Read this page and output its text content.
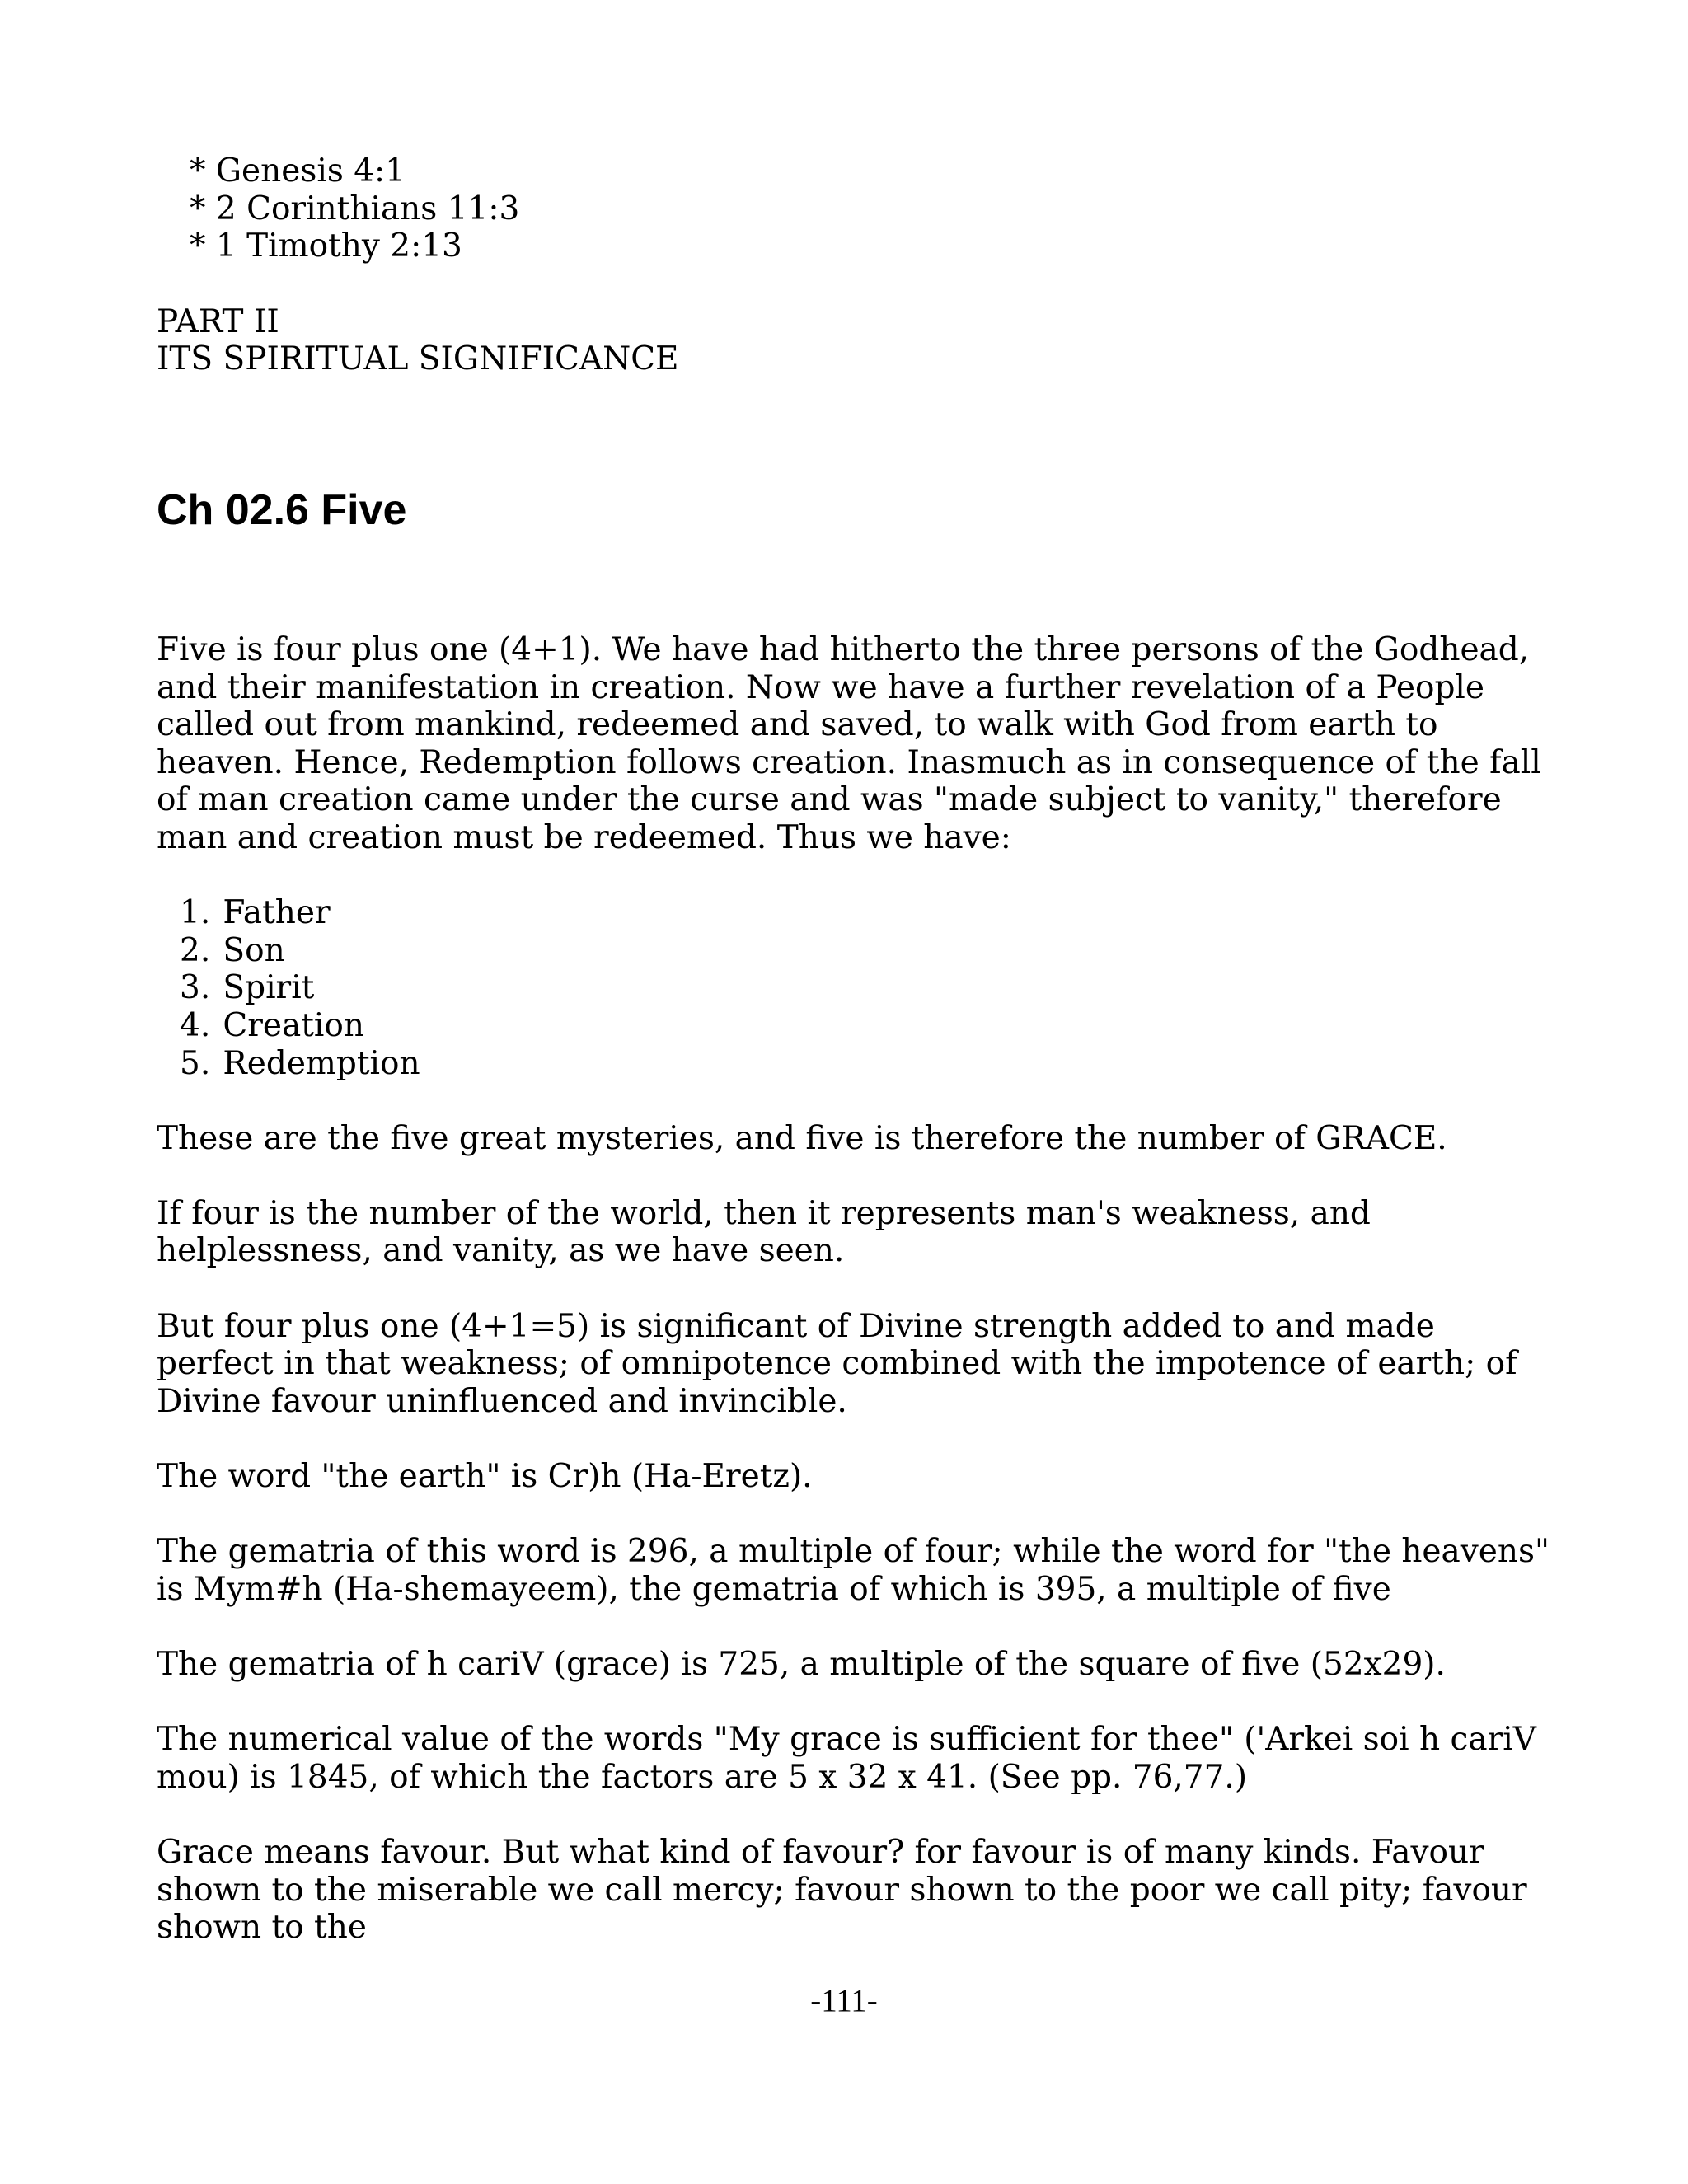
* Genesis 4:1
* 2 Corinthians 11:3
* 1 Timothy 2:13
PART II
ITS SPIRITUAL SIGNIFICANCE
Ch 02.6 Five

Five is four plus one (4+1). We have had hitherto the three persons of the Godhead, and their manifestation in creation. Now we have a further revelation of a People called out from mankind, redeemed and saved, to walk with God from earth to heaven. Hence, Redemption follows creation. Inasmuch as in consequence of the fall of man creation came under the curse and was "made subject to vanity," therefore man and creation must be redeemed. Thus we have:

1. Father
2. Son
3. Spirit
4. Creation
5. Redemption

These are the five great mysteries, and five is therefore the number of GRACE.

If four is the number of the world, then it represents man's weakness, and helplessness, and vanity, as we have seen.

But four plus one (4+1=5) is significant of Divine strength added to and made perfect in that weakness; of omnipotence combined with the impotence of earth; of Divine favour uninfluenced and invincible.

The word "the earth" is Cr)h (Ha-Eretz).

The gematria of this word is 296, a multiple of four; while the word for "the heavens" is Mym#h (Ha-shemayeem), the gematria of which is 395, a multiple of five

The gematria of h cariV (grace) is 725, a multiple of the square of five (52x29).

The numerical value of the words "My grace is sufficient for thee" ('Arkei soi h cariV mou) is 1845, of which the factors are 5 x 32 x 41. (See pp. 76,77.)

Grace means favour. But what kind of favour? for favour is of many kinds. Favour shown to the miserable we call mercy; favour shown to the poor we call pity; favour shown to the

-111-
